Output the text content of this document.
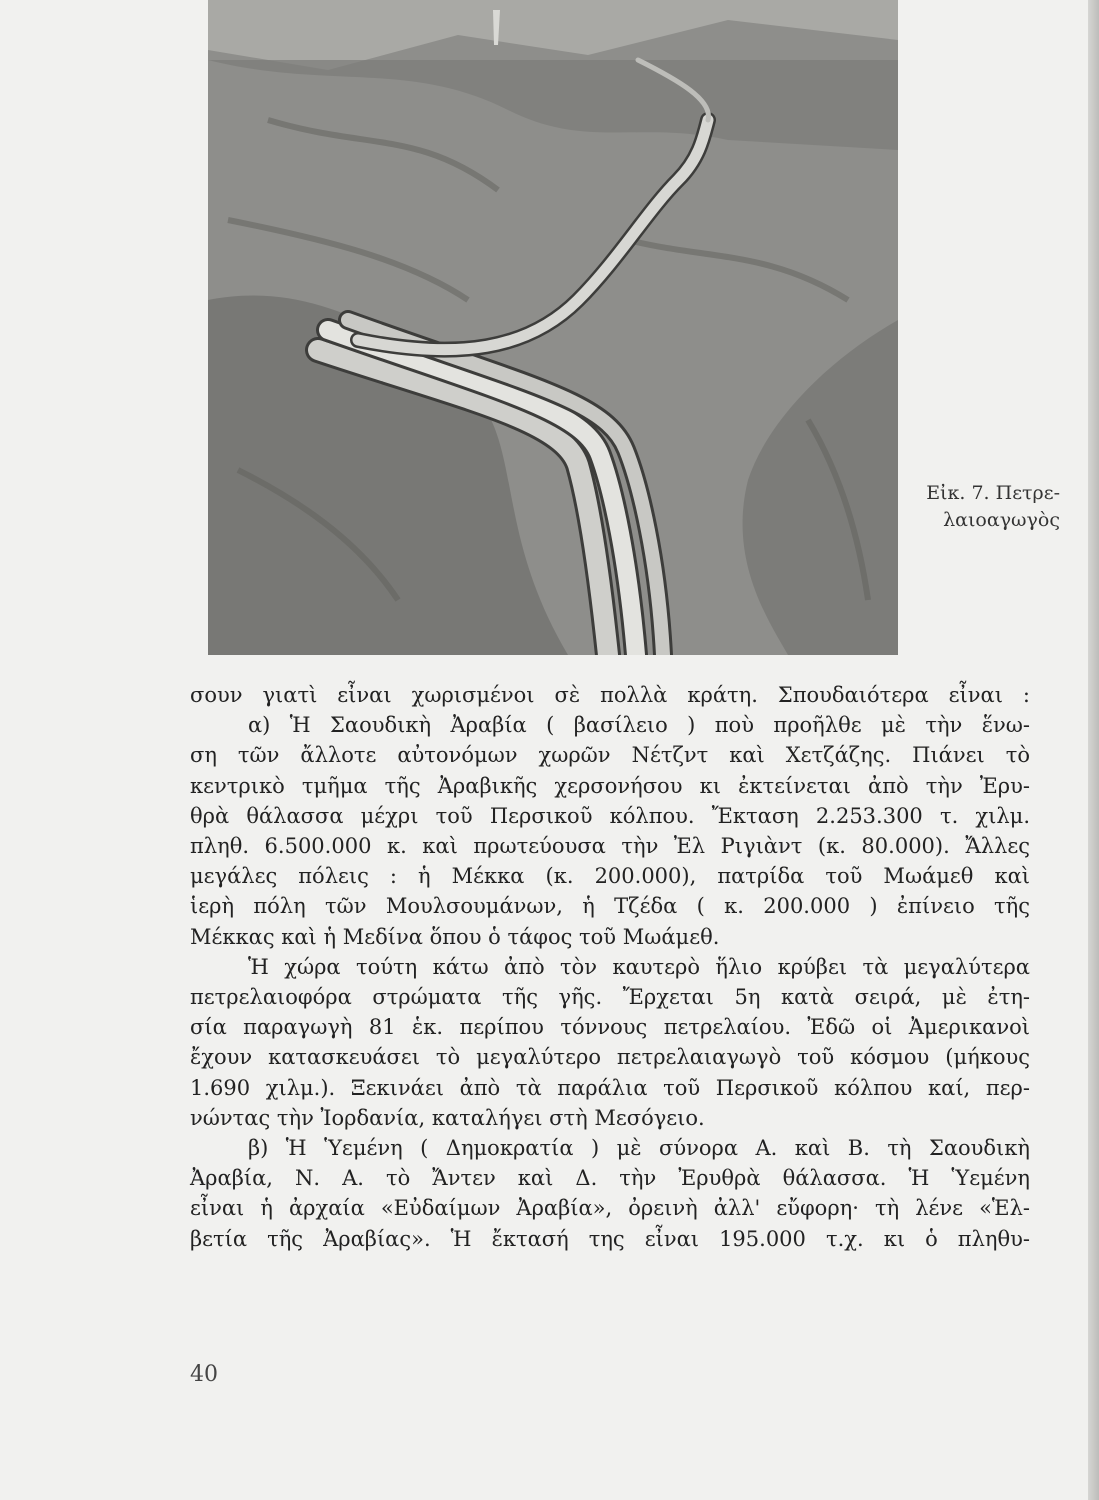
Εἰκ. 7. Πετρε-
λαιοαγωγὸς
σουν γιατὶ εἶναι χωρισμένοι σὲ πολλὰ κράτη. Σπουδαιότερα εἶναι :
α) Ἡ Σαουδικὴ Ἀραβία ( βασίλειο ) ποὺ προῆλθε μὲ τὴν ἕνω-
ση τῶν ἄλλοτε αὐτονόμων χωρῶν Νέτζντ καὶ Χετζάζης. Πιάνει τὸ
κεντρικὸ τμῆμα τῆς Ἀραβικῆς χερσονήσου κι ἐκτείνεται ἀπὸ τὴν Ἐρυ-
θρὰ θάλασσα μέχρι τοῦ Περσικοῦ κόλπου. Ἔκταση 2.253.300 τ. χιλμ.
πληθ. 6.500.000 κ. καὶ πρωτεύουσα τὴν Ἐλ Ριγιὰντ (κ. 80.000). Ἄλλες
μεγάλες πόλεις : ἡ Μέκκα (κ. 200.000), πατρίδα τοῦ Μωάμεθ καὶ
ἱερὴ πόλη τῶν Μουλσουμάνων, ἡ Τζέδα ( κ. 200.000 ) ἐπίνειο τῆς
Μέκκας καὶ ἡ Μεδίνα ὅπου ὁ τάφος τοῦ Μωάμεθ.
Ἡ χώρα τούτη κάτω ἀπὸ τὸν καυτερὸ ἥλιο κρύβει τὰ μεγαλύτερα
πετρελαιοφόρα στρώματα τῆς γῆς. Ἔρχεται 5η κατὰ σειρά, μὲ ἐτη-
σία παραγωγὴ 81 ἑκ. περίπου τόννους πετρελαίου. Ἐδῶ οἱ Ἀμερικανοὶ
ἔχουν κατασκευάσει τὸ μεγαλύτερο πετρελαιαγωγὸ τοῦ κόσμου (μήκους
1.690 χιλμ.). Ξεκινάει ἀπὸ τὰ παράλια τοῦ Περσικοῦ κόλπου καί, περ-
νώντας τὴν Ἰορδανία, καταλήγει στὴ Μεσόγειο.
β) Ἡ Ὑεμένη ( Δημοκρατία ) μὲ σύνορα Α. καὶ Β. τὴ Σαουδικὴ
Ἀραβία, Ν. Α. τὸ Ἄντεν καὶ Δ. τὴν Ἐρυθρὰ θάλασσα. Ἡ Ὑεμένη
εἶναι ἡ ἀρχαία «Εὐδαίμων Ἀραβία», ὀρεινὴ ἀλλ' εὔφορη· τὴ λένε «Ἑλ-
βετία τῆς Ἀραβίας». Ἡ ἔκτασή της εἶναι 195.000 τ.χ. κι ὁ πληθυ-
40
